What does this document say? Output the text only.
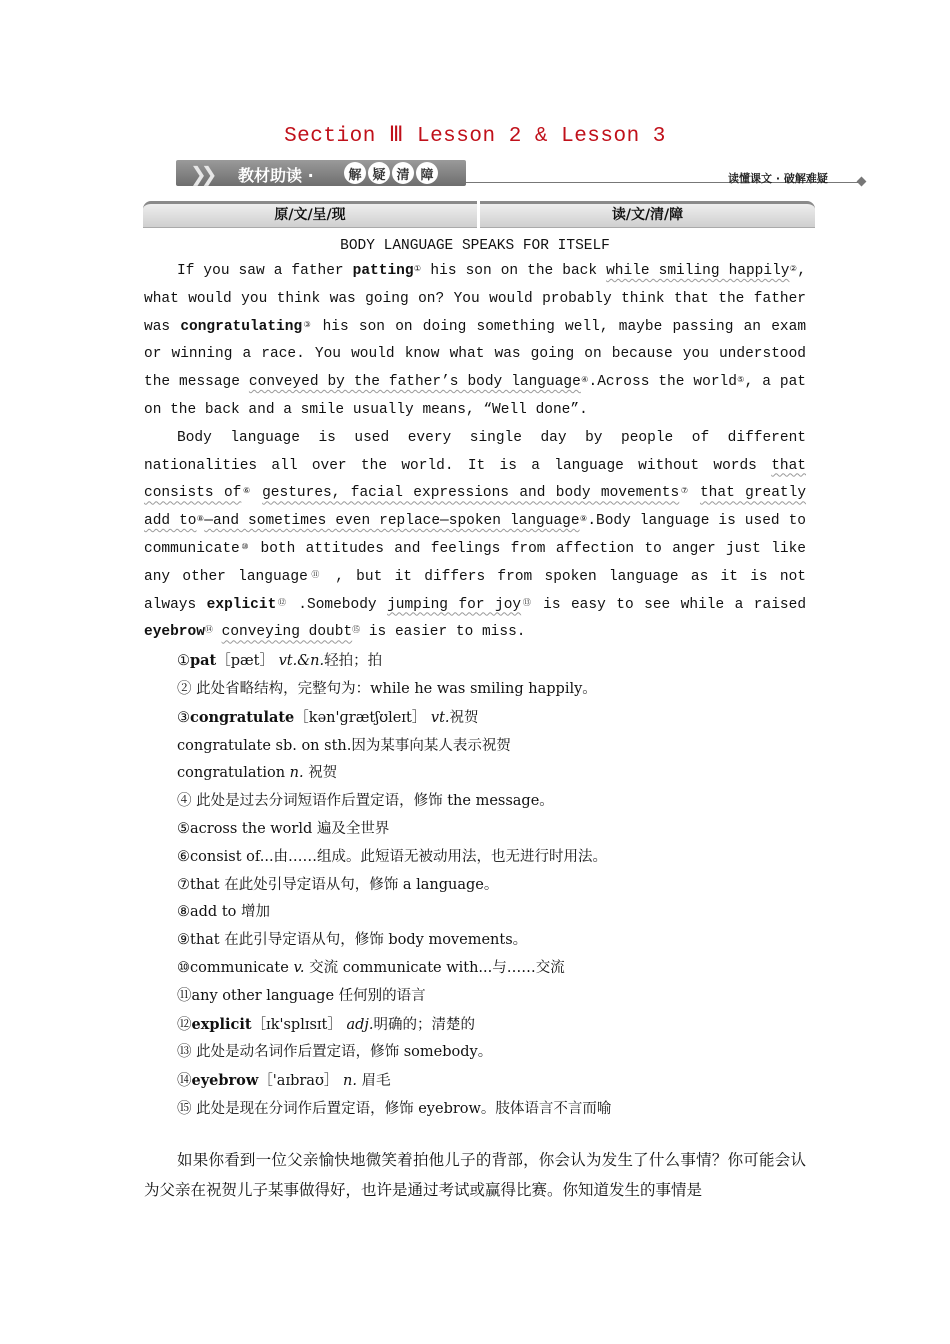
Section Ⅲ Lesson 2 & Lesson 3
❯❯ 教材助读 ·	解 疑 清 障	读懂课文 · 破解难疑
原/文/呈/现	读/文/清/障
BODY LANGUAGE SPEAKS FOR ITSELF

If you saw a father patting① his son on the back while smiling happily②, what would you think was going on? You would probably think that the father was congratulating③ his son on doing something well, maybe passing an exam or winning a race. You would know what was going on because you understood the message conveyed by the father’s body language④.Across the world⑤, a pat on the back and a smile usually means, “Well done”.

Body language is used every single day by people of different nationalities all over the world. It is a language without words that consists of⑥ gestures, facial expressions and body movements⑦ that greatly add to⑧—and sometimes even replace—spoken language⑨.Body language is used to communicate⑩ both attitudes and feelings from affection to anger just like any other language⑪ , but it differs from spoken language as it is not always explicit⑫ .Somebody jumping for joy⑬ is easy to see while a raised eyebrow⑭ conveying doubt⑮ is easier to miss.

①pat［pæt］ vt.&n.轻拍；拍

② 此处省略结构，完整句为：while he was smiling happily。

③congratulate［kən'ɡrætʃʊleɪt］ vt.祝贺

congratulate sb. on sth.因为某事向某人表示祝贺

congratulation n. 祝贺

④ 此处是过去分词短语作后置定语，修饰 the message。

⑤across the world 遍及全世界

⑥consist of...由……组成。此短语无被动用法，也无进行时用法。

⑦that 在此处引导定语从句，修饰 a language。

⑧add to 增加

⑨that 在此引导定语从句，修饰 body movements。

⑩communicate v. 交流 communicate with...与……交流

⑪any other language 任何别的语言

⑫explicit［ɪk'splɪsɪt］ adj.明确的；清楚的

⑬ 此处是动名词作后置定语，修饰 somebody。

⑭eyebrow［'aɪbraʊ］ n. 眉毛

⑮ 此处是现在分词作后置定语，修饰 eyebrow。肢体语言不言而喻

如果你看到一位父亲愉快地微笑着拍他儿子的背部，你会认为发生了什么事情？你可能会认为父亲在祝贺儿子某事做得好，也许是通过考试或赢得比赛。你知道发生的事情是
